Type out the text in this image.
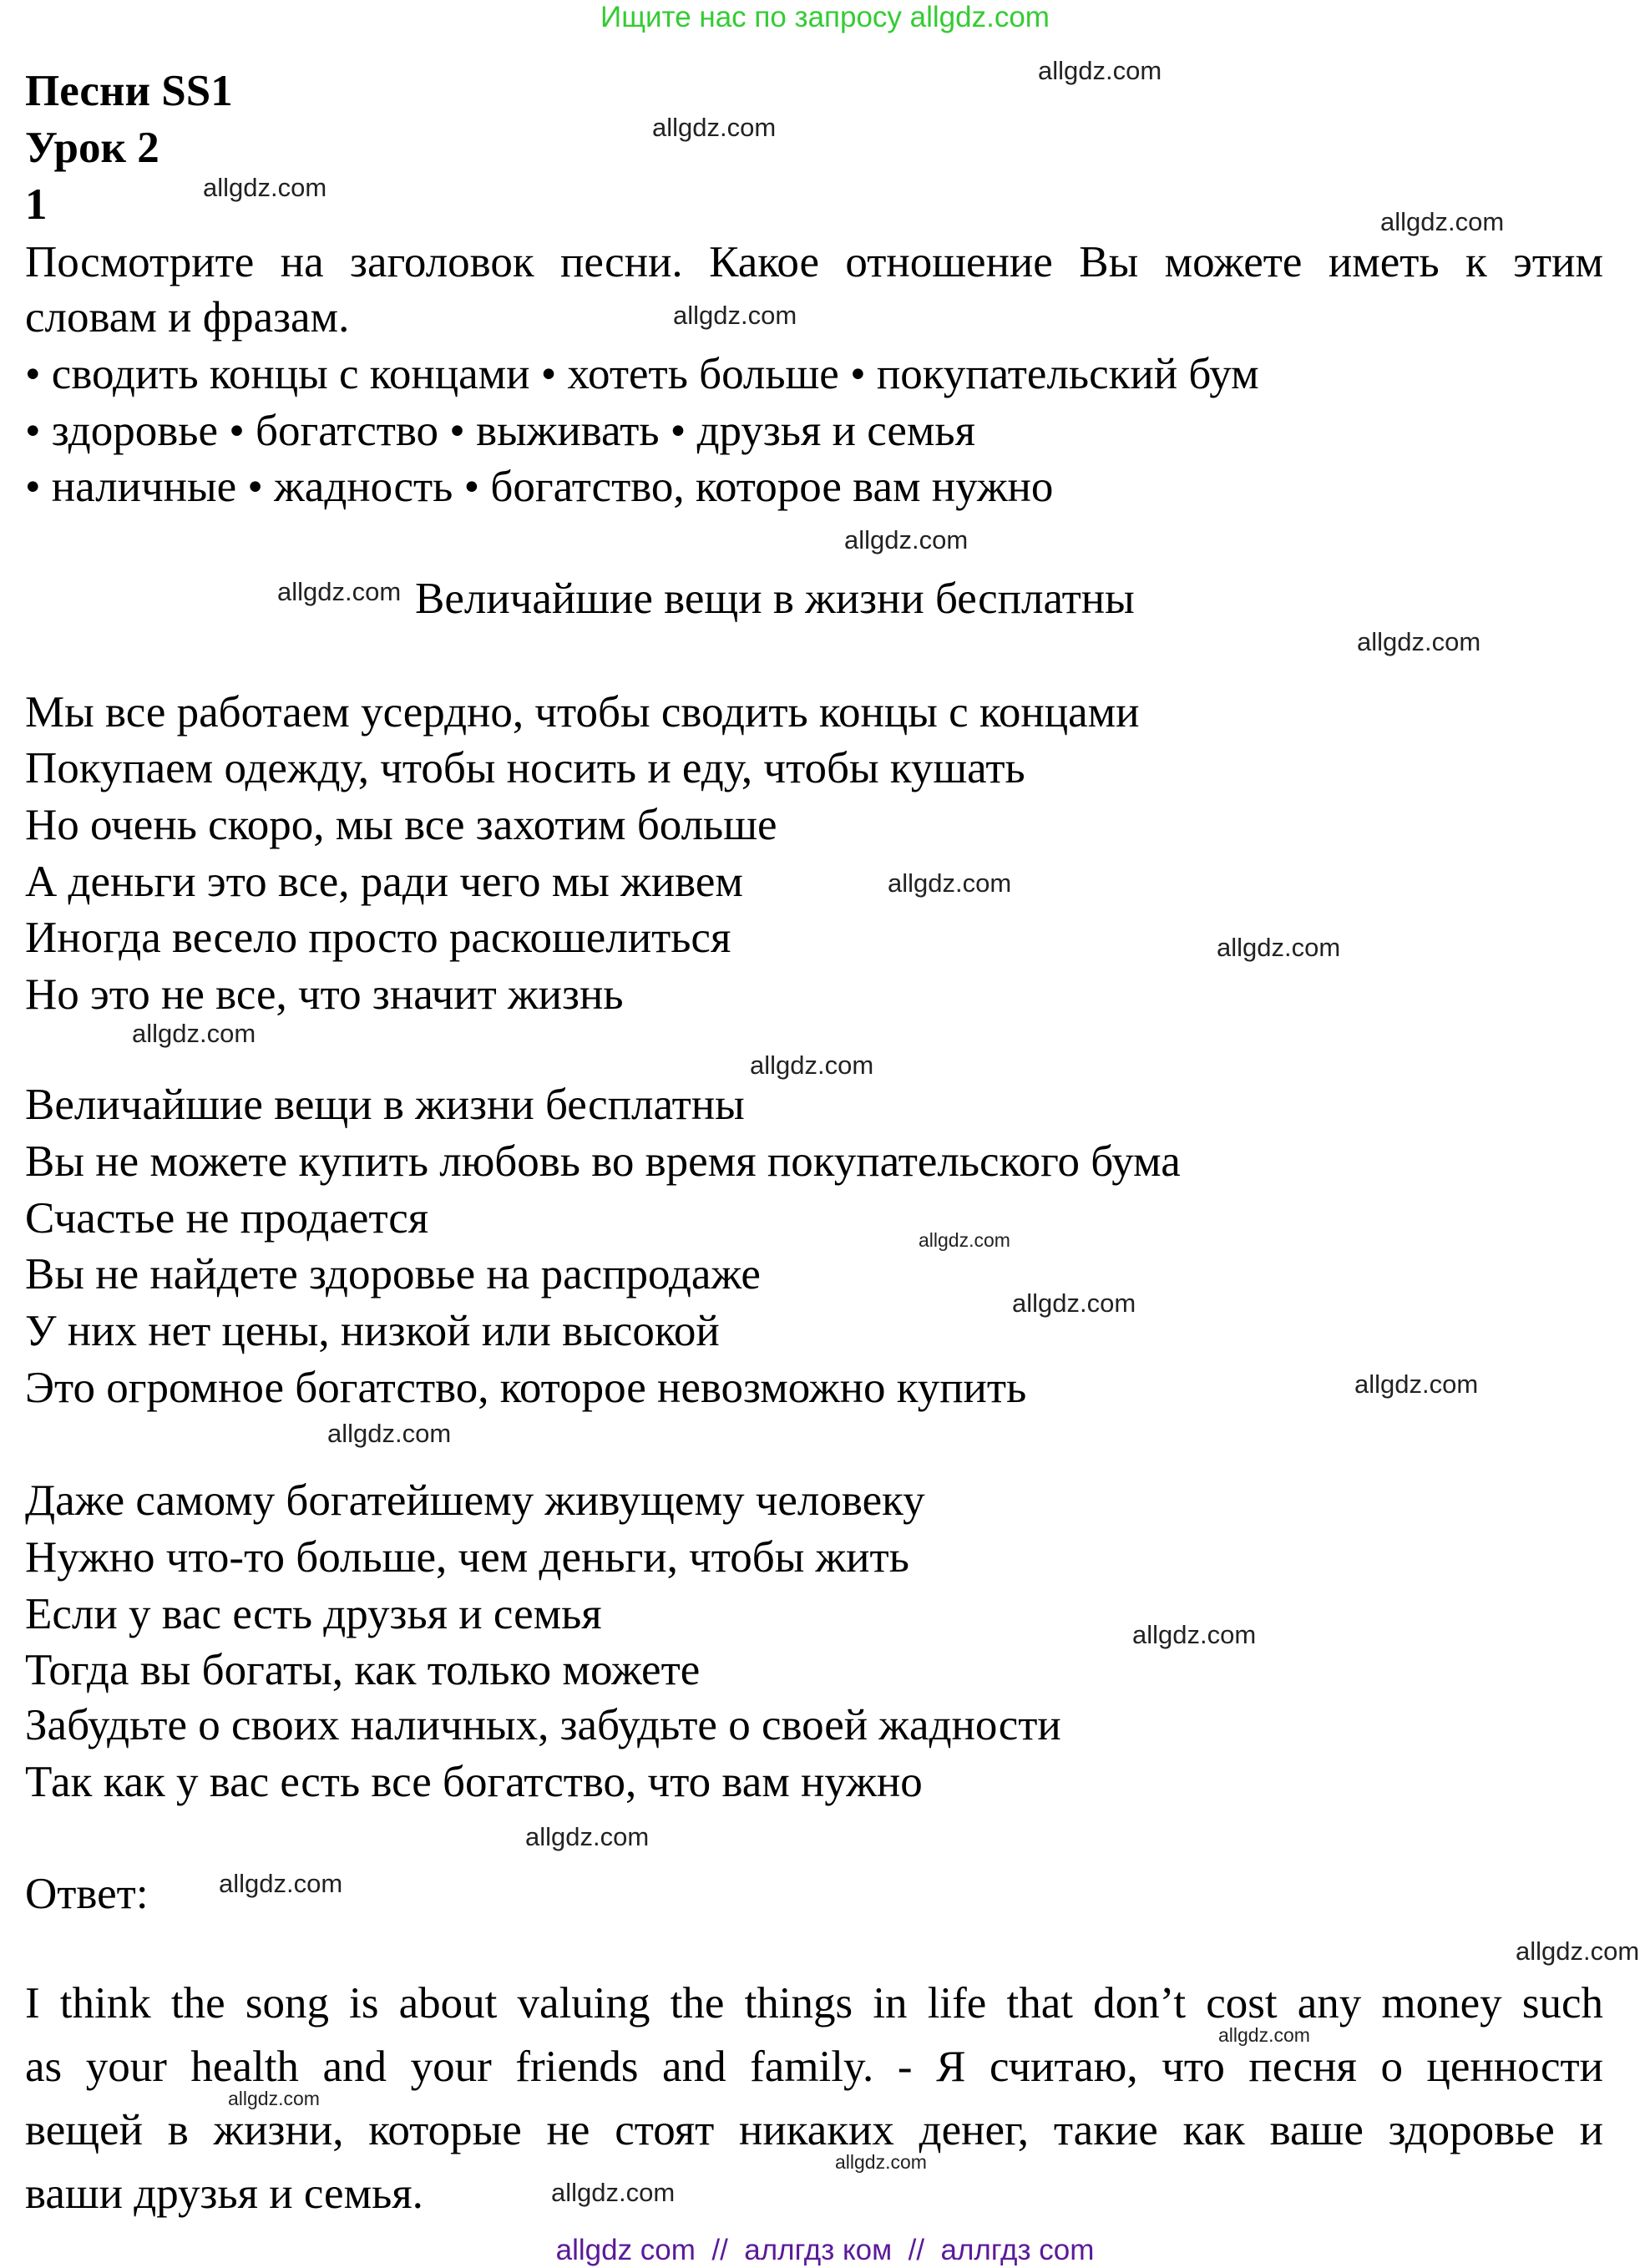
Ищите нас по запросу allgdz.com
Песни SS1
Урок 2
1
Посмотрите на заголовок песни. Какое отношение Вы можете иметь к этим
словам и фразам.
• сводить концы с концами • хотеть больше • покупательский бум
• здоровье • богатство • выживать • друзья и семья
• наличные • жадность • богатство, которое вам нужно
Величайшие вещи в жизни бесплатны
Мы все работаем усердно, чтобы сводить концы с концами
Покупаем одежду, чтобы носить и еду, чтобы кушать
Но очень скоро, мы все захотим больше
А деньги это все, ради чего мы живем
Иногда весело просто раскошелиться
Но это не все, что значит жизнь
Величайшие вещи в жизни бесплатны
Вы не можете купить любовь во время покупательского бума
Счастье не продается
Вы не найдете здоровье на распродаже
У них нет цены, низкой или высокой
Это огромное богатство, которое невозможно купить
Даже самому богатейшему живущему человеку
Нужно что-то больше, чем деньги, чтобы жить
Если у вас есть друзья и семья
Тогда вы богаты, как только можете
Забудьте о своих наличных, забудьте о своей жадности
Так как у вас есть все богатство, что вам нужно
Ответ:
I think the song is about valuing the things in life that don’t cost any money such
as your health and your friends and family. - Я считаю, что песня о ценности
вещей в жизни, которые не стоят никаких денег, такие как ваше здоровье и
ваши друзья и семья.
allgdz.com
allgdz.com
allgdz.com
allgdz.com
allgdz.com
allgdz.com
allgdz.com
allgdz.com
allgdz.com
allgdz.com
allgdz.com
allgdz.com
allgdz.com
allgdz.com
allgdz.com
allgdz.com
allgdz.com
allgdz.com
allgdz.com
allgdz.com
allgdz.com
allgdz.com
allgdz.com
allgdz.com
allgdz com  //  аллгдз ком  //  аллгдз com
